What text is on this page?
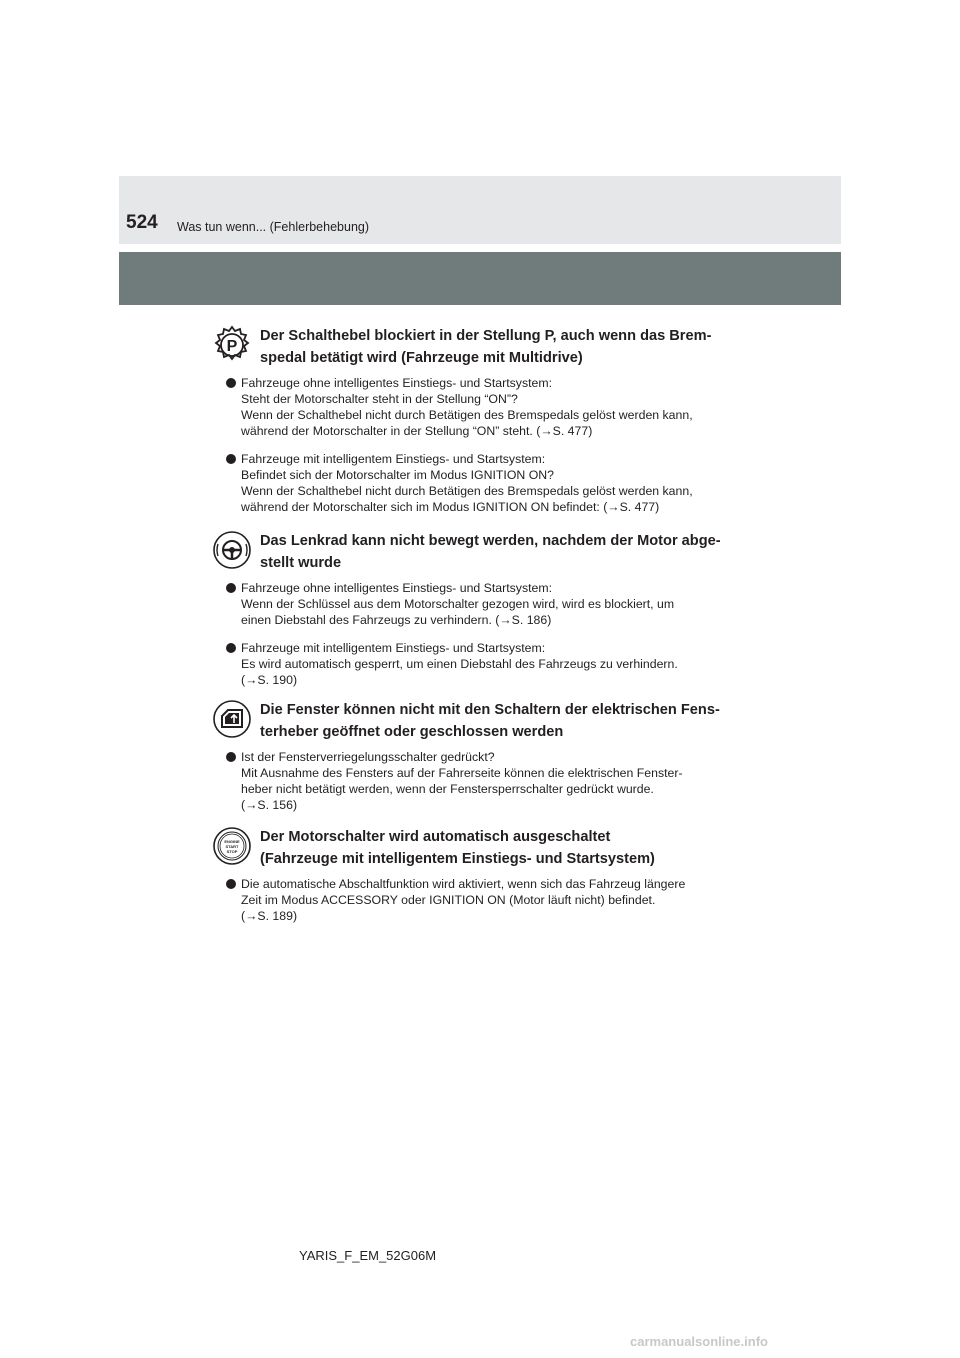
524 Was tun wenn... (Fehlerbehebung)
P
Der Schalthebel blockiert in der Stellung P, auch wenn das Brem-
spedal betätigt wird (Fahrzeuge mit Multidrive)
Fahrzeuge ohne intelligentes Einstiegs- und Startsystem:
Steht der Motorschalter steht in der Stellung “ON”?
Wenn der Schalthebel nicht durch Betätigen des Bremspedals gelöst werden kann,
während der Motorschalter in der Stellung “ON” steht. (→S. 477)
Fahrzeuge mit intelligentem Einstiegs- und Startsystem:
Befindet sich der Motorschalter im Modus IGNITION ON?
Wenn der Schalthebel nicht durch Betätigen des Bremspedals gelöst werden kann,
während der Motorschalter sich im Modus IGNITION ON befindet: (→S. 477)
Das Lenkrad kann nicht bewegt werden, nachdem der Motor abge-
stellt wurde
Fahrzeuge ohne intelligentes Einstiegs- und Startsystem:
Wenn der Schlüssel aus dem Motorschalter gezogen wird, wird es blockiert, um
einen Diebstahl des Fahrzeugs zu verhindern. (→S. 186)
Fahrzeuge mit intelligentem Einstiegs- und Startsystem:
Es wird automatisch gesperrt, um einen Diebstahl des Fahrzeugs zu verhindern.
(→S. 190)
Die Fenster können nicht mit den Schaltern der elektrischen Fens-
terheber geöffnet oder geschlossen werden
Ist der Fensterverriegelungsschalter gedrückt?
Mit Ausnahme des Fensters auf der Fahrerseite können die elektrischen Fenster-
heber nicht betätigt werden, wenn der Fenstersperrschalter gedrückt wurde.
(→S. 156)
ENGINE
START
STOP
Der Motorschalter wird automatisch ausgeschaltet
(Fahrzeuge mit intelligentem Einstiegs- und Startsystem)
Die automatische Abschaltfunktion wird aktiviert, wenn sich das Fahrzeug längere
Zeit im Modus ACCESSORY oder IGNITION ON (Motor läuft nicht) befindet.
(→S. 189)
YARIS_F_EM_52G06M
carmanualsonline.info
